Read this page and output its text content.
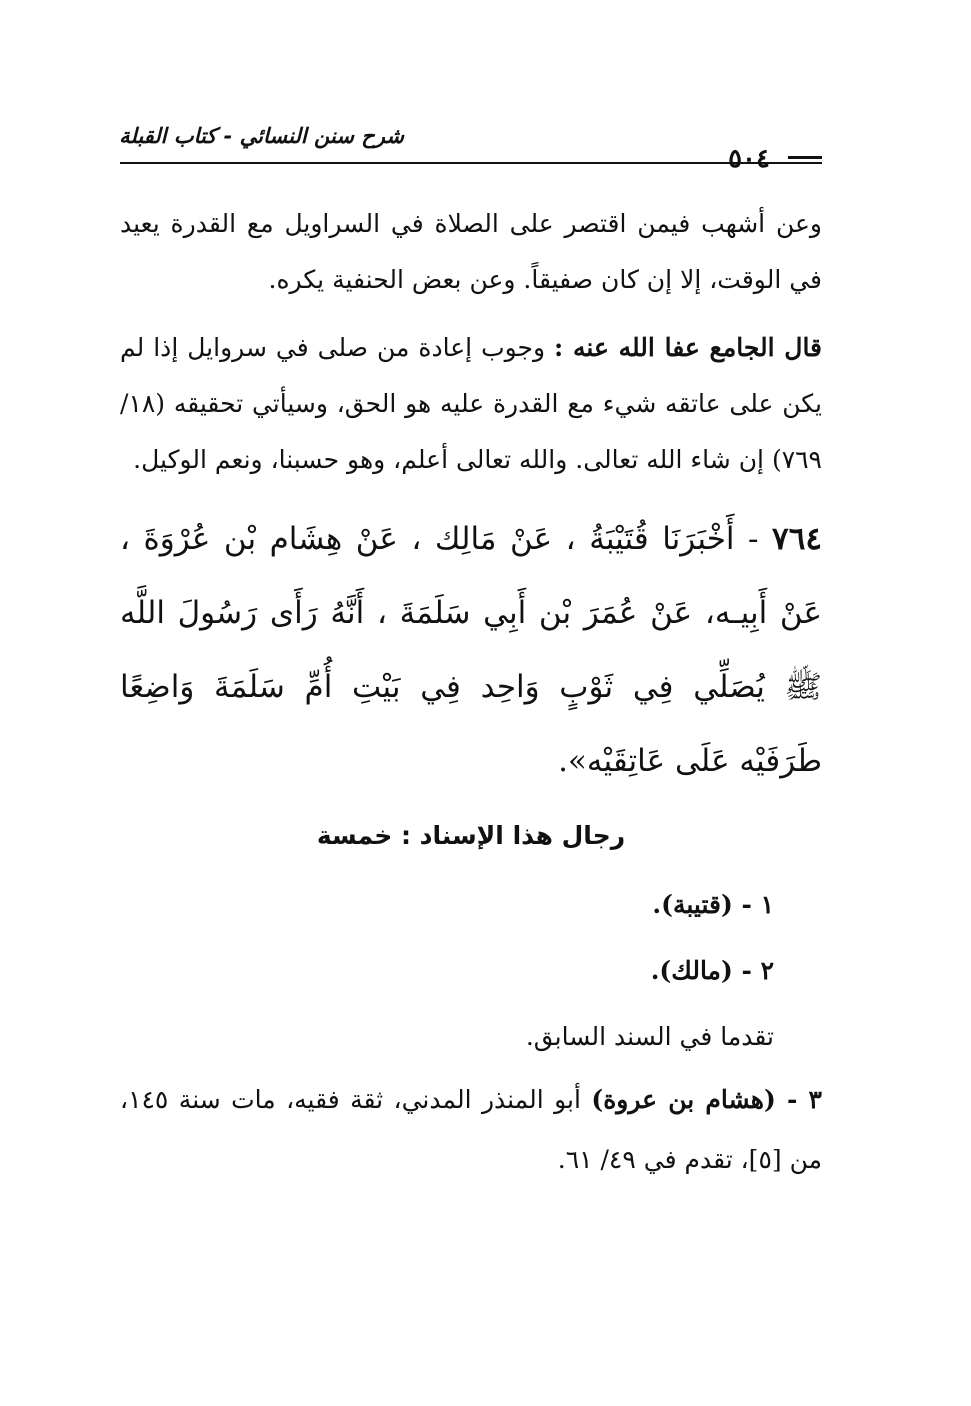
شرح سنن النسائي - كتاب القبلة
٥٠٤

وعن أشهب فيمن اقتصر على الصلاة في السراويل مع القدرة يعيد في الوقت، إلا إن كان صفيقاً. وعن بعض الحنفية يكره.

قال الجامع عفا الله عنه : وجوب إعادة من صلى في سروايل إذا لم يكن على عاتقه شيء مع القدرة عليه هو الحق، وسيأتي تحقيقه (١٨/ ٧٦٩) إن شاء الله تعالى. والله تعالى أعلم، وهو حسبنا، ونعم الوكيل.

٧٦٤ - أَخْبَرَنَا قُتَيْبَةُ ، عَنْ مَالِك ، عَنْ هِشَام بْن عُرْوَةَ ، عَنْ أَبِيـه، عَنْ عُمَرَ بْن أَبِي سَلَمَةَ ، أَنَّهُ رَأَى رَسُولَ اللَّه ﷺ يُصَلِّي فِي ثَوْبٍ وَاحِد فِي بَيْتِ أُمِّ سَلَمَةَ وَاضِعًا طَرَفَيْه عَلَى عَاتِقَيْه».

رجال هذا الإسناد : خمسة

١ - (قتيبة).

٢ - (مالك).

تقدما في السند السابق.

٣ - (هشام بن عروة) أبو المنذر المدني، ثقة فقيه، مات سنة ١٤٥، من [٥]، تقدم في ٤٩/ ٦١.
